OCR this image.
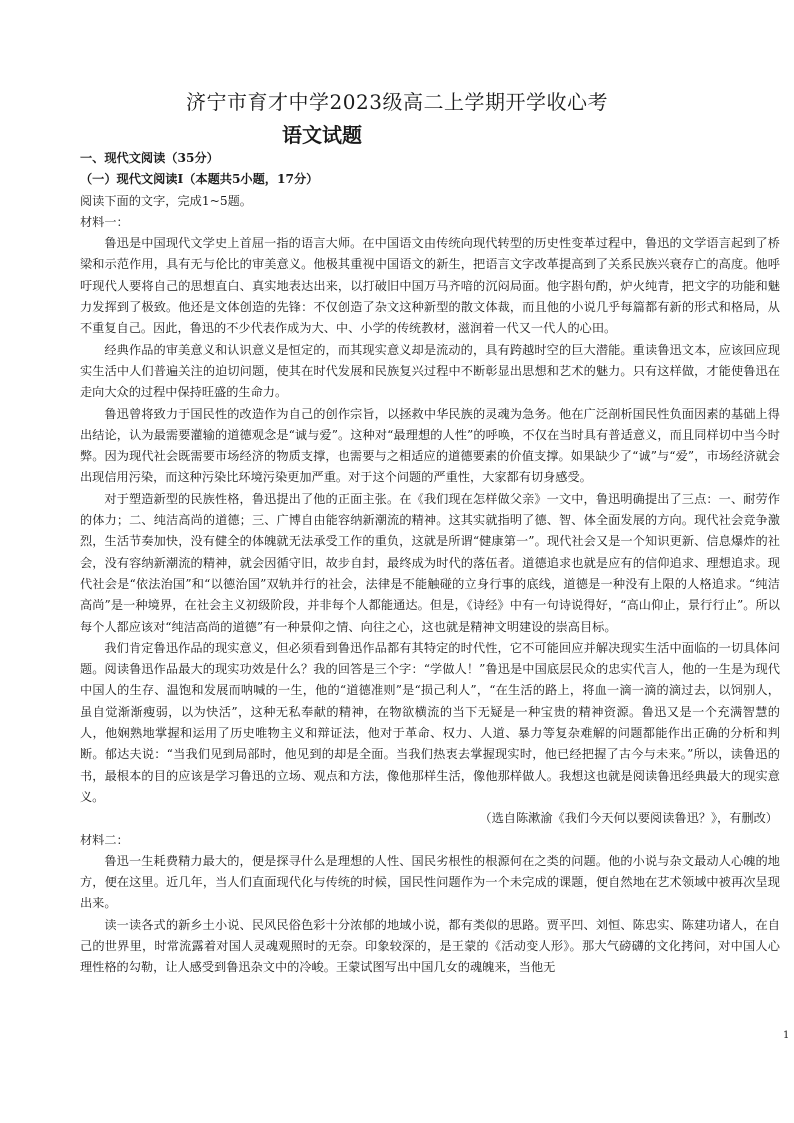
济宁市育才中学2023级高二上学期开学收心考
语文试题

一、现代文阅读（35分）

（一）现代文阅读Ⅰ（本题共5小题，17分）

阅读下面的文字，完成1~5题。

材料一：

鲁迅是中国现代文学史上首屈一指的语言大师。在中国语文由传统向现代转型的历史性变革过程中，鲁迅的文学语言起到了桥梁和示范作用，具有无与伦比的审美意义。他极其重视中国语文的新生，把语言文字改革提高到了关系民族兴衰存亡的高度。他呼吁现代人要将自己的思想直白、真实地表达出来，以打破旧中国万马齐喑的沉闷局面。他字斟句酌，炉火纯青，把文字的功能和魅力发挥到了极致。他还是文体创造的先锋：不仅创造了杂文这种新型的散文体裁，而且他的小说几乎每篇都有新的形式和格局，从不重复自己。因此，鲁迅的不少代表作成为大、中、小学的传统教材，滋润着一代又一代人的心田。

经典作品的审美意义和认识意义是恒定的，而其现实意义却是流动的，具有跨越时空的巨大潜能。重读鲁迅文本，应该回应现实生活中人们普遍关注的迫切问题，使其在时代发展和民族复兴过程中不断彰显出思想和艺术的魅力。只有这样做，才能使鲁迅在走向大众的过程中保持旺盛的生命力。

鲁迅曾将致力于国民性的改造作为自己的创作宗旨，以拯救中华民族的灵魂为急务。他在广泛剖析国民性负面因素的基础上得出结论，认为最需要灌输的道德观念是“诚与爱”。这种对“最理想的人性”的呼唤，不仅在当时具有普适意义，而且同样切中当今时弊。因为现代社会既需要市场经济的物质支撑，也需要与之相适应的道德要素的价值支撑。如果缺少了“诚”与“爱”，市场经济就会出现信用污染，而这种污染比环境污染更加严重。对于这个问题的严重性，大家都有切身感受。

对于塑造新型的民族性格，鲁迅提出了他的正面主张。在《我们现在怎样做父亲》一文中，鲁迅明确提出了三点：一、耐劳作的体力；二、纯洁高尚的道德；三、广博自由能容纳新潮流的精神。这其实就指明了德、智、体全面发展的方向。现代社会竞争激烈，生活节奏加快，没有健全的体魄就无法承受工作的重负，这就是所谓“健康第一”。现代社会又是一个知识更新、信息爆炸的社会，没有容纳新潮流的精神，就会因循守旧，故步自封，最终成为时代的落伍者。道德追求也就是应有的信仰追求、理想追求。现代社会是“依法治国”和“以德治国”双轨并行的社会，法律是不能触碰的立身行事的底线，道德是一种没有上限的人格追求。“纯洁高尚”是一种境界，在社会主义初级阶段，并非每个人都能通达。但是，《诗经》中有一句诗说得好，“高山仰止，景行行止”。所以每个人都应该对“纯洁高尚的道德”有一种景仰之情、向往之心，这也就是精神文明建设的崇高目标。

我们肯定鲁迅作品的现实意义，但必须看到鲁迅作品都有其特定的时代性，它不可能回应并解决现实生活中面临的一切具体问题。阅读鲁迅作品最大的现实功效是什么？我的回答是三个字：“学做人！”鲁迅是中国底层民众的忠实代言人，他的一生是为现代中国人的生存、温饱和发展而呐喊的一生，他的“道德准则”是“损己利人”，“在生活的路上，将血一滴一滴的滴过去，以饲别人，虽自觉渐渐瘦弱，以为快活”，这种无私奉献的精神，在物欲横流的当下无疑是一种宝贵的精神资源。鲁迅又是一个充满智慧的人，他娴熟地掌握和运用了历史唯物主义和辩证法，他对于革命、权力、人道、暴力等复杂难解的问题都能作出正确的分析和判断。郁达夫说：“当我们见到局部时，他见到的却是全面。当我们热衷去掌握现实时，他已经把握了古今与未来。”所以，读鲁迅的书，最根本的目的应该是学习鲁迅的立场、观点和方法，像他那样生活，像他那样做人。我想这也就是阅读鲁迅经典最大的现实意义。

（选自陈漱渝《我们今天何以要阅读鲁迅？》，有删改）

材料二：

鲁迅一生耗费精力最大的，便是探寻什么是理想的人性、国民劣根性的根源何在之类的问题。他的小说与杂文最动人心魄的地方，便在这里。近几年，当人们直面现代化与传统的时候，国民性问题作为一个未完成的课题，便自然地在艺术领域中被再次呈现出来。

读一读各式的新乡土小说、民风民俗色彩十分浓郁的地域小说，都有类似的思路。贾平凹、刘恒、陈忠实、陈建功诸人，在自己的世界里，时常流露着对国人灵魂观照时的无奈。印象较深的，是王蒙的《活动变人形》。那大气磅礴的文化拷问，对中国人心理性格的勾勒，让人感受到鲁迅杂文中的冷峻。王蒙试图写出中国几女的魂魄来，当他无

1
